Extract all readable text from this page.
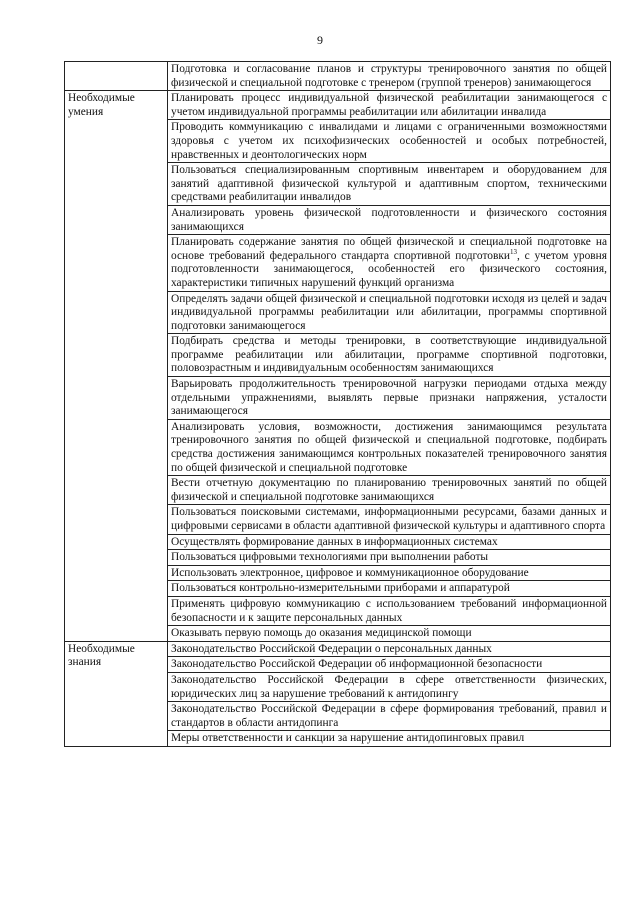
9
	Подготовка и согласование планов и структуры тренировочного занятия по общей физической и специальной подготовке с тренером (группой тренеров) занимающегося
Необходимые умения	Планировать процесс индивидуальной физической реабилитации занимающегося с учетом индивидуальной программы реабилитации или абилитации инвалида
	Проводить коммуникацию с инвалидами и лицами с ограниченными возможностями здоровья с учетом их психофизических особенностей и особых потребностей, нравственных и деонтологических норм
	Пользоваться специализированным спортивным инвентарем и оборудованием для занятий адаптивной физической культурой и адаптивным спортом, техническими средствами реабилитации инвалидов
	Анализировать уровень физической подготовленности и физического состояния занимающихся
	Планировать содержание занятия по общей физической и специальной подготовке на основе требований федерального стандарта спортивной подготовки$^{13}$, с учетом уровня подготовленности занимающегося, особенностей его физического состояния, характеристики типичных нарушений функций организма
	Определять задачи общей физической и специальной подготовки исходя из целей и задач индивидуальной программы реабилитации или абилитации, программы спортивной подготовки занимающегося
	Подбирать средства и методы тренировки, в соответствующие индивидуальной программе реабилитации или абилитации, программе спортивной подготовки, половозрастным и индивидуальным особенностям занимающихся
	Варьировать продолжительность тренировочной нагрузки периодами отдыха между отдельными упражнениями, выявлять первые признаки напряжения, усталости занимающегося
	Анализировать условия, возможности, достижения занимающимся результата тренировочного занятия по общей физической и специальной подготовке, подбирать средства достижения занимающимся контрольных показателей тренировочного занятия по общей физической и специальной подготовке
	Вести отчетную документацию по планированию тренировочных занятий по общей физической и специальной подготовке занимающихся
	Пользоваться поисковыми системами, информационными ресурсами, базами данных и цифровыми сервисами в области адаптивной физической культуры и адаптивного спорта
	Осуществлять формирование данных в информационных системах
	Пользоваться цифровыми технологиями при выполнении работы
	Использовать электронное, цифровое и коммуникационное оборудование
	Пользоваться контрольно-измерительными приборами и аппаратурой
	Применять цифровую коммуникацию с использованием требований информационной безопасности и к защите персональных данных
	Оказывать первую помощь до оказания медицинской помощи
Необходимые знания	Законодательство Российской Федерации о персональных данных
	Законодательство Российской Федерации об информационной безопасности
	Законодательство Российской Федерации в сфере ответственности физических, юридических лиц за нарушение требований к антидопингу
	Законодательство Российской Федерации в сфере формирования требований, правил и стандартов в области антидопинга
	Меры ответственности и санкции за нарушение антидопинговых правил
